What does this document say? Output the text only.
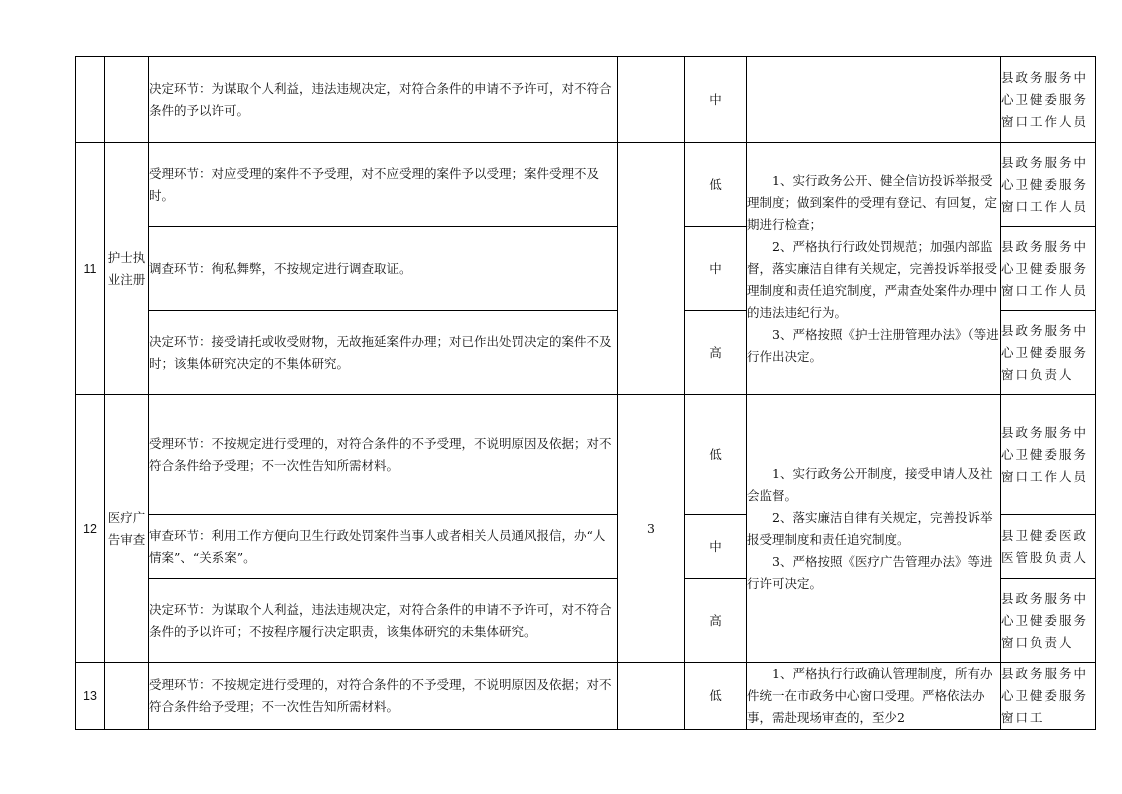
		决定环节：为谋取个人利益，违法违规决定，对符合条件的申请不予许可，对不符合条件的予以许可。		中		县政务服务中心卫健委服务窗口工作人员
11	护士执业注册	受理环节：对应受理的案件不予受理，对不应受理的案件予以受理；案件受理不及时。		低	1、实行政务公开、健全信访投诉举报受理制度；做到案件的受理有登记、有回复，定期进行检查；
2、严格执行行政处罚规范；加强内部监督，落实廉洁自律有关规定，完善投诉举报受理制度和责任追究制度，严肃查处案件办理中的违法违纪行为。
3、严格按照《护士注册管理办法》（等进行作出决定。	县政务服务中心卫健委服务窗口工作人员
		调查环节：徇私舞弊，不按规定进行调查取证。		中		县政务服务中心卫健委服务窗口工作人员
		决定环节：接受请托或收受财物，无故拖延案件办理；对已作出处罚决定的案件不及时；该集体研究决定的不集体研究。		高		县政务服务中心卫健委服务窗口负责人
12	医疗广告审查	受理环节：不按规定进行受理的，对符合条件的不予受理，不说明原因及依据；对不符合条件给予受理；不一次性告知所需材料。	3	低	1、实行政务公开制度，接受申请人及社会监督。
2、落实廉洁自律有关规定，完善投诉举报受理制度和责任追究制度。
3、严格按照《医疗广告管理办法》等进行许可决定。	县政务服务中心卫健委服务窗口工作人员
		审查环节：利用工作方便向卫生行政处罚案件当事人或者相关人员通风报信，办“人情案”、“关系案”。		中		县卫健委医政医管股负责人
		决定环节：为谋取个人利益，违法违规决定，对符合条件的申请不予许可，对不符合条件的予以许可；不按程序履行决定职责，该集体研究的未集体研究。		高		县政务服务中心卫健委服务窗口负责人
13		受理环节：不按规定进行受理的，对符合条件的不予受理，不说明原因及依据；对不符合条件给予受理；不一次性告知所需材料。		低	1、严格执行行政确认管理制度，所有办件统一在市政务中心窗口受理。严格依法办事，需赴现场审查的，至少2	县政务服务中心卫健委服务窗口工
